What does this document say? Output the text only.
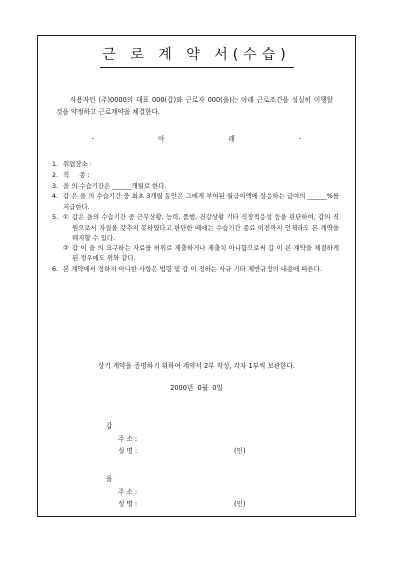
근 로 계 약 서(수습)
사용자인 (주)0000의 대표 000(갑)와 근로자 000(을)는 아래 근로조건을 성실히 이행할 것을 약정하고 근로계약을 체결한다.
- 아 래 -
1. 취업장소 :
2. 직     종 :
3. 을 의 수습기간은 ______개월로 한다.
4. 갑 은 을 의 수습기간 중 최초 3개월 동안은 그에게 부여된 월급여액에 상응하는 급여의 ______%를 지급한다.
5. ① 갑은 을의 수습기간 중 근무상황, 능력, 품행, 건강상황 기타 직장적응성 등을 판단하여, 갑의 직원으로서 자질을 갖추지 못하였다고 판단한 때에는 수습기간 종료 이전까지 언제라도 본 계약을 해지할 수 있다.
② 갑 이 을 의 요구하는 자료를 허위로 제출하거나 제출치 아니함으로써 갑 이 본 계약을 체결하게 된 경우에도 위와 같다.
6. 본 계약에서 정하지 아니한 사항은 법령 및 갑 이 정하는 사규 기타 제반규정의 내용에 따른다.
상기 계약을 증명하기 위하여 계약서 2부 작성, 각자 1부씩 보관한다.
2000년  0월  0일
갑
주 소 :
성 명 :	(인)
을
주 소 :
성 명 :	(인)
